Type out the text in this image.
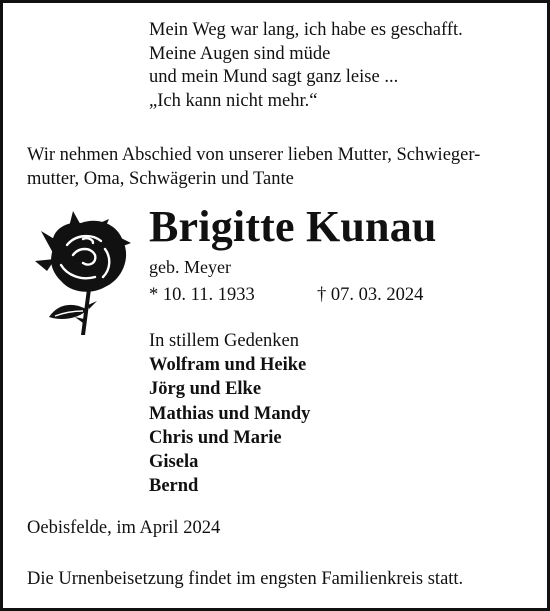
Mein Weg war lang, ich habe es geschafft.
Meine Augen sind müde
und mein Mund sagt ganz leise ...
„Ich kann nicht mehr.“
Wir nehmen Abschied von unserer lieben Mutter, Schwieger-
mutter, Oma, Schwägerin und Tante
Brigitte Kunau
geb. Meyer
* 10. 11. 1933	† 07. 03. 2024
In stillem Gedenken
Wolfram und Heike
Jörg und Elke
Mathias und Mandy
Chris und Marie
Gisela
Bernd
Oebisfelde, im April 2024
Die Urnenbeisetzung findet im engsten Familienkreis statt.
